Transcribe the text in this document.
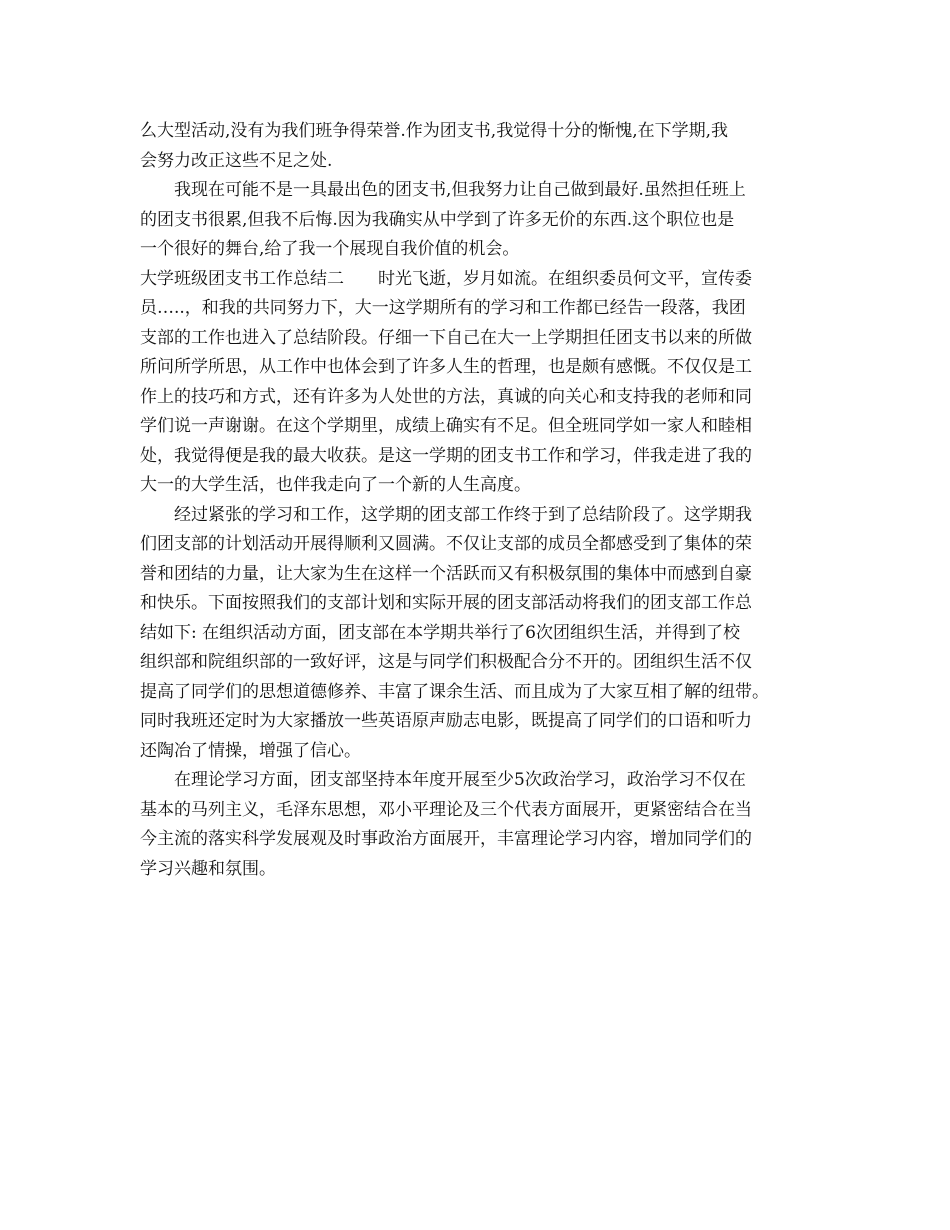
么大型活动,没有为我们班争得荣誉.作为团支书,我觉得十分的惭愧,在下学期,我
会努力改正这些不足之处.

我现在可能不是一具最出色的团支书,但我努力让自己做到最好.虽然担任班上
的团支书很累,但我不后悔.因为我确实从中学到了许多无价的东西.这个职位也是
一个很好的舞台,给了我一个展现自我价值的机会。

大学班级团支书工作总结二　　时光飞逝，岁月如流。在组织委员何文平，宣传委
员…..，和我的共同努力下，大一这学期所有的学习和工作都已经告一段落，我团
支部的工作也进入了总结阶段。仔细一下自己在大一上学期担任团支书以来的所做
所问所学所思，从工作中也体会到了许多人生的哲理，也是颇有感慨。不仅仅是工
作上的技巧和方式，还有许多为人处世的方法，真诚的向关心和支持我的老师和同
学们说一声谢谢。在这个学期里，成绩上确实有不足。但全班同学如一家人和睦相
处，我觉得便是我的最大收获。是这一学期的团支书工作和学习，伴我走进了我的
大一的大学生活，也伴我走向了一个新的人生高度。

经过紧张的学习和工作，这学期的团支部工作终于到了总结阶段了。这学期我
们团支部的计划活动开展得顺利又圆满。不仅让支部的成员全都感受到了集体的荣
誉和团结的力量，让大家为生在这样一个活跃而又有积极氛围的集体中而感到自豪
和快乐。下面按照我们的支部计划和实际开展的团支部活动将我们的团支部工作总
结如下: 在组织活动方面，团支部在本学期共举行了6次团组织生活，并得到了校
组织部和院组织部的一致好评，这是与同学们积极配合分不开的。团组织生活不仅
提高了同学们的思想道德修养、丰富了课余生活、而且成为了大家互相了解的纽带。
同时我班还定时为大家播放一些英语原声励志电影，既提高了同学们的口语和听力
还陶冶了情操，增强了信心。

在理论学习方面，团支部坚持本年度开展至少5次政治学习，政治学习不仅在
基本的马列主义，毛泽东思想，邓小平理论及三个代表方面展开，更紧密结合在当
今主流的落实科学发展观及时事政治方面展开，丰富理论学习内容，增加同学们的
学习兴趣和氛围。
